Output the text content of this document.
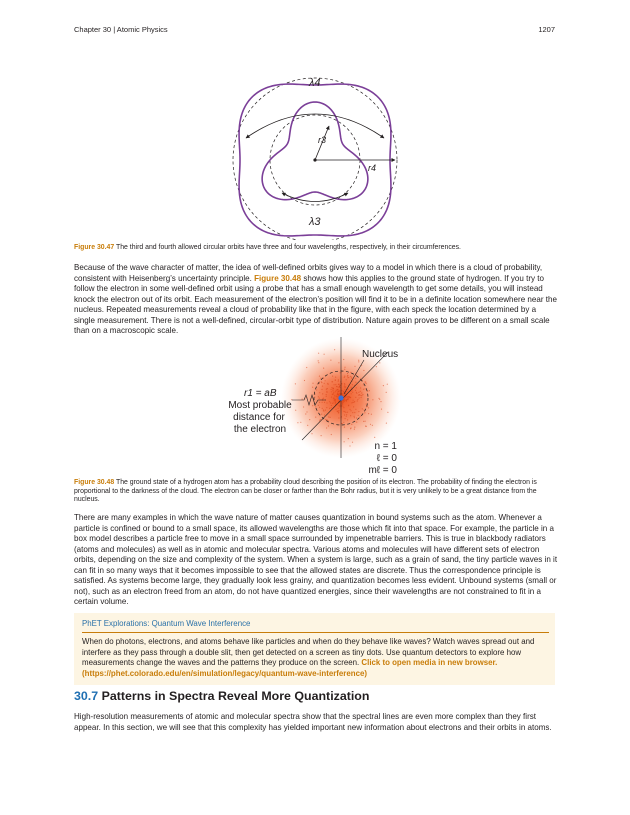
Chapter 30 | Atomic Physics	1207
λ4
λ3
r3
r4
Figure 30.47 The third and fourth allowed circular orbits have three and four wavelengths, respectively, in their circumferences.

Because of the wave character of matter, the idea of well-defined orbits gives way to a model in which there is a cloud of probability, consistent with Heisenberg’s uncertainty principle. Figure 30.48 shows how this applies to the ground state of hydrogen. If you try to follow the electron in some well-defined orbit using a probe that has a small enough wavelength to get some details, you will instead knock the electron out of its orbit. Each measurement of the electron’s position will find it to be in a definite location somewhere near the nucleus. Repeated measurements reveal a cloud of probability like that in the figure, with each speck the location determined by a single measurement. There is not a well-defined, circular-orbit type of distribution. Nature again proves to be different on a small scale than on a macroscopic scale.

Nucleus
r1 = aB
Most probable
distance for
the electron
n = 1
ℓ = 0
mℓ = 0
Figure 30.48 The ground state of a hydrogen atom has a probability cloud describing the position of its electron. The probability of finding the electron is proportional to the darkness of the cloud. The electron can be closer or farther than the Bohr radius, but it is very unlikely to be a great distance from the nucleus.

There are many examples in which the wave nature of matter causes quantization in bound systems such as the atom. Whenever a particle is confined or bound to a small space, its allowed wavelengths are those which fit into that space. For example, the particle in a box model describes a particle free to move in a small space surrounded by impenetrable barriers. This is true in blackbody radiators (atoms and molecules) as well as in atomic and molecular spectra. Various atoms and molecules will have different sets of electron orbits, depending on the size and complexity of the system. When a system is large, such as a grain of sand, the tiny particle waves in it can fit in so many ways that it becomes impossible to see that the allowed states are discrete. Thus the correspondence principle is satisfied. As systems become large, they gradually look less grainy, and quantization becomes less evident. Unbound systems (small or not), such as an electron freed from an atom, do not have quantized energies, since their wavelengths are not constrained to fit in a certain volume.

PhET Explorations: Quantum Wave Interference

When do photons, electrons, and atoms behave like particles and when do they behave like waves? Watch waves spread out and interfere as they pass through a double slit, then get detected on a screen as tiny dots. Use quantum detectors to explore how measurements change the waves and the patterns they produce on the screen. Click to open media in new browser. (https://phet.colorado.edu/en/simulation/legacy/quantum-wave-interference)

30.7 Patterns in Spectra Reveal More Quantization

High-resolution measurements of atomic and molecular spectra show that the spectral lines are even more complex than they first appear. In this section, we will see that this complexity has yielded important new information about electrons and their orbits in atoms.
